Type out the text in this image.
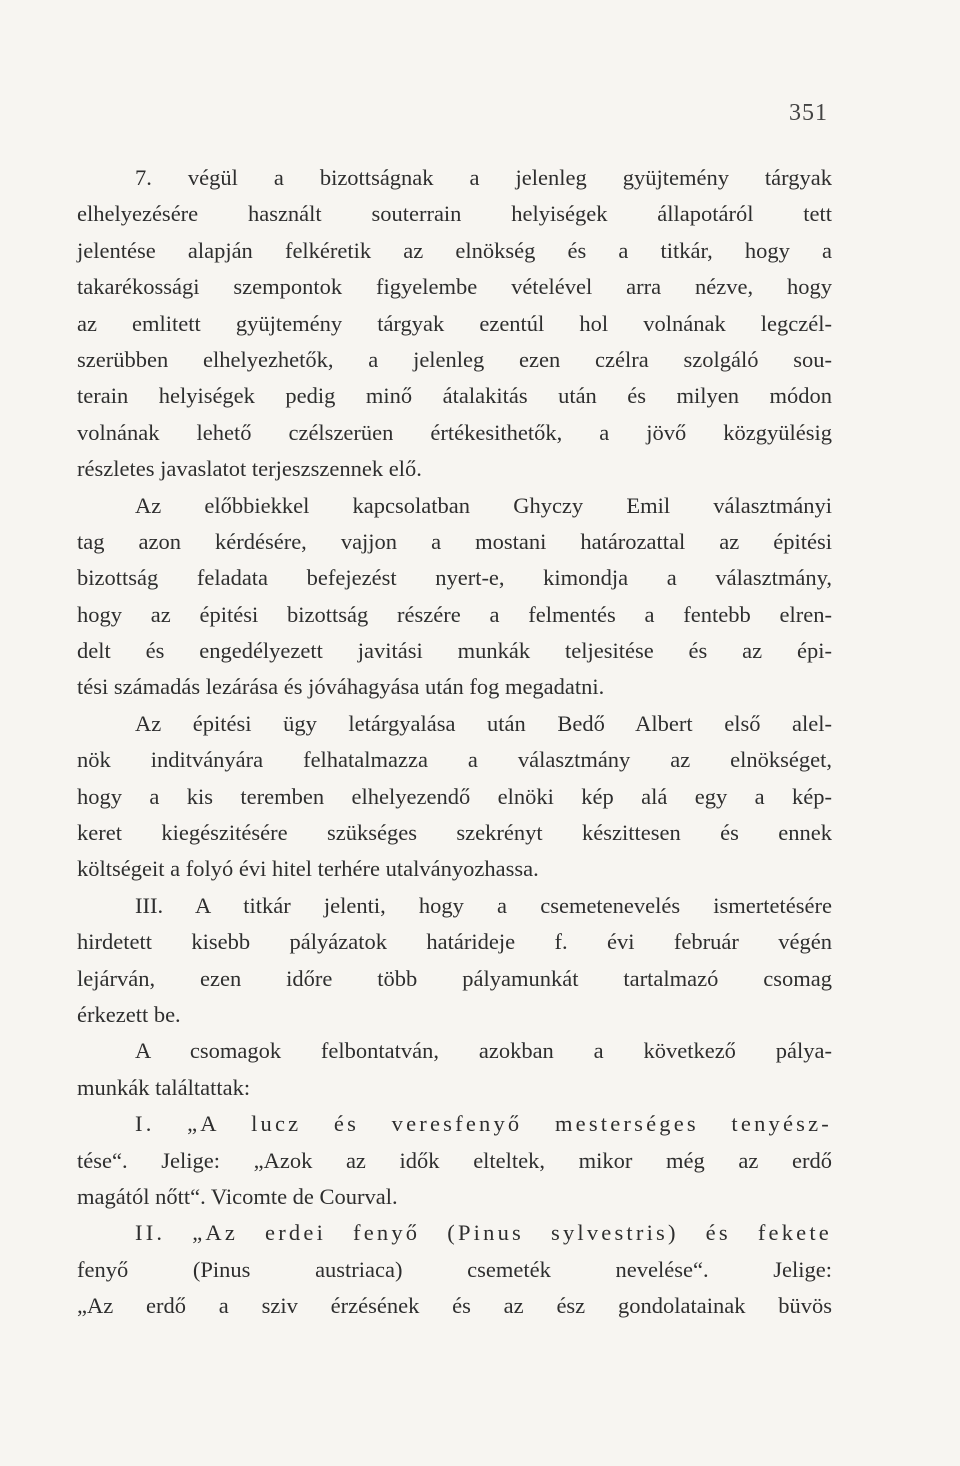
351
7. végül a bizottságnak a jelenleg gyüjtemény tárgyak
elhelyezésére használt souterrain helyiségek állapotáról tett
jelentése alapján felkéretik az elnökség és a titkár, hogy a
takarékossági szempontok figyelembe vételével arra nézve, hogy
az emlitett gyüjtemény tárgyak ezentúl hol volnának legczél-
szerübben elhelyezhetők, a jelenleg ezen czélra szolgáló sou-
terain helyiségek pedig minő átalakitás után és milyen módon
volnának lehető czélszerüen értékesithetők, a jövő közgyülésig
részletes javaslatot terjeszszennek elő.
Az előbbiekkel kapcsolatban Ghyczy Emil választmányi
tag azon kérdésére, vajjon a mostani határozattal az épitési
bizottság feladata befejezést nyert-e, kimondja a választmány,
hogy az épitési bizottság részére a felmentés a fentebb elren-
delt és engedélyezett javitási munkák teljesitése és az épi-
tési számadás lezárása és jóváhagyása után fog megadatni.
Az épitési ügy letárgyalása után Bedő Albert első alel-
nök inditványára felhatalmazza a választmány az elnökséget,
hogy a kis teremben elhelyezendő elnöki kép alá egy a kép-
keret kiegészitésére szükséges szekrényt készittesen és ennek
költségeit a folyó évi hitel terhére utalványozhassa.
III. A titkár jelenti, hogy a csemetenevelés ismertetésére
hirdetett kisebb pályázatok határideje f. évi február végén
lejárván, ezen időre több pályamunkát tartalmazó csomag
érkezett be.
A csomagok felbontatván, azokban a következő pálya-
munkák találtattak:
I. „A lucz és veresfenyő mesterséges tenyész-
tése“. Jelige: „Azok az idők elteltek, mikor még az erdő
magától nőtt“. Vicomte de Courval.
II. „Az erdei fenyő (Pinus sylvestris) és fekete
fenyő (Pinus austriaca) csemeték nevelése“. Jelige:
„Az erdő a sziv érzésének és az ész gondolatainak büvös
